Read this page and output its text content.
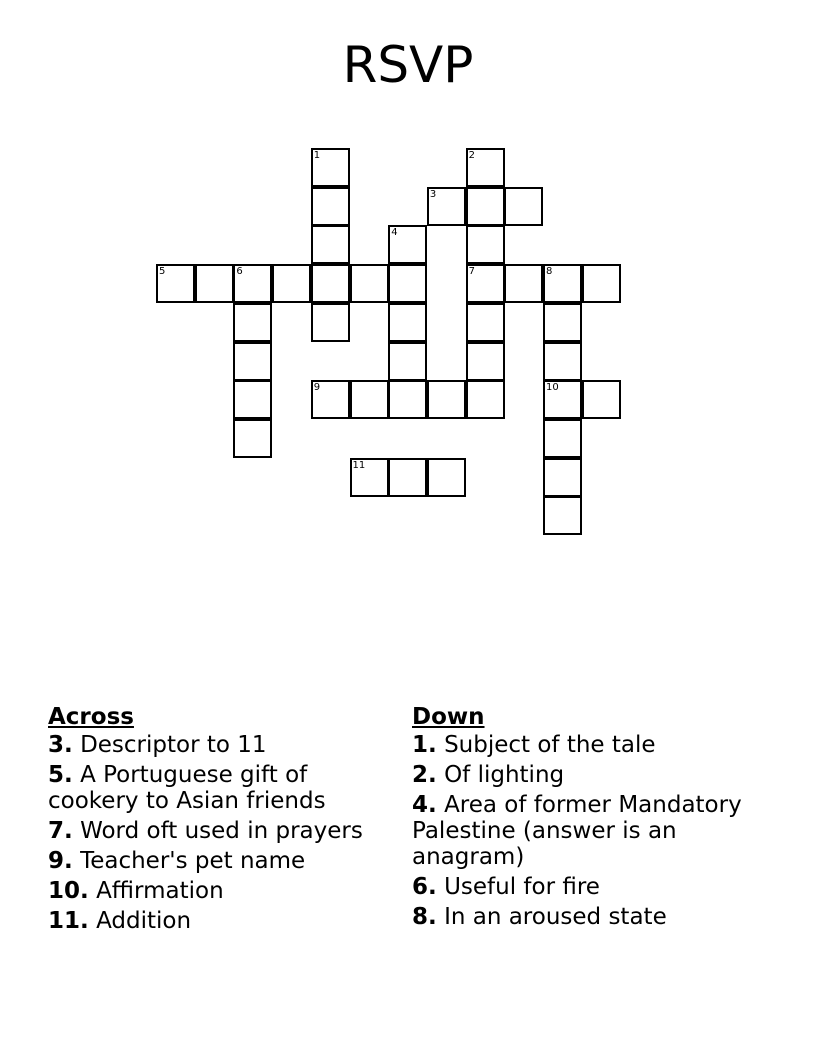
RSVP
1	2
3
4
5	6	7	8
9	10
11
Across
3. Descriptor to 11
5. A Portuguese gift of cookery to Asian friends
7. Word oft used in prayers
9. Teacher's pet name
10. Affirmation
11. Addition
Down
1. Subject of the tale
2. Of lighting
4. Area of former Mandatory Palestine (answer is an anagram)
6. Useful for fire
8. In an aroused state
